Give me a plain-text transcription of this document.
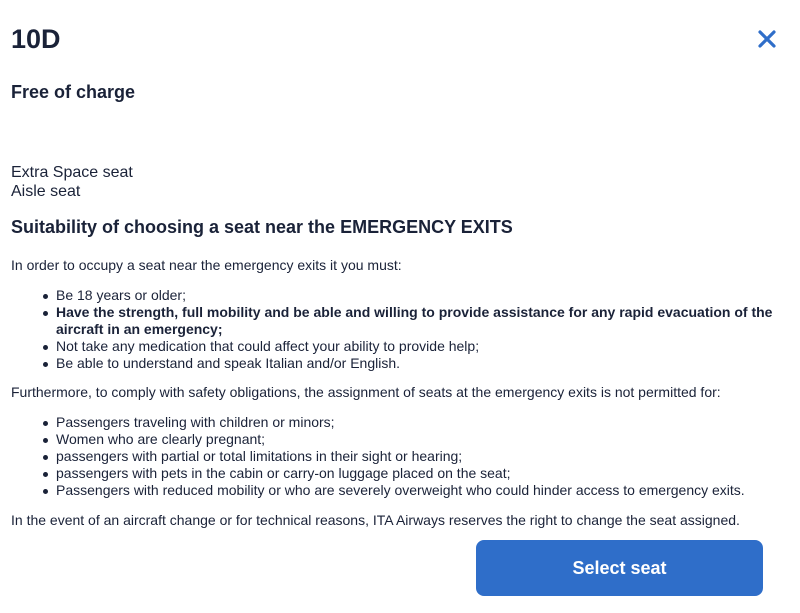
10D

Free of charge

Extra Space seat
Aisle seat
Suitability of choosing a seat near the EMERGENCY EXITS

In order to occupy a seat near the emergency exits it you must:

Be 18 years or older;
Have the strength, full mobility and be able and willing to provide assistance for any rapid evacuation of the aircraft in an emergency;
Not take any medication that could affect your ability to provide help;
Be able to understand and speak Italian and/or English.

Furthermore, to comply with safety obligations, the assignment of seats at the emergency exits is not permitted for:

Passengers traveling with children or minors;
Women who are clearly pregnant;
passengers with partial or total limitations in their sight or hearing;
passengers with pets in the cabin or carry-on luggage placed on the seat;
Passengers with reduced mobility or who are severely overweight who could hinder access to emergency exits.

In the event of an aircraft change or for technical reasons, ITA Airways reserves the right to change the seat assigned.

Select seat
